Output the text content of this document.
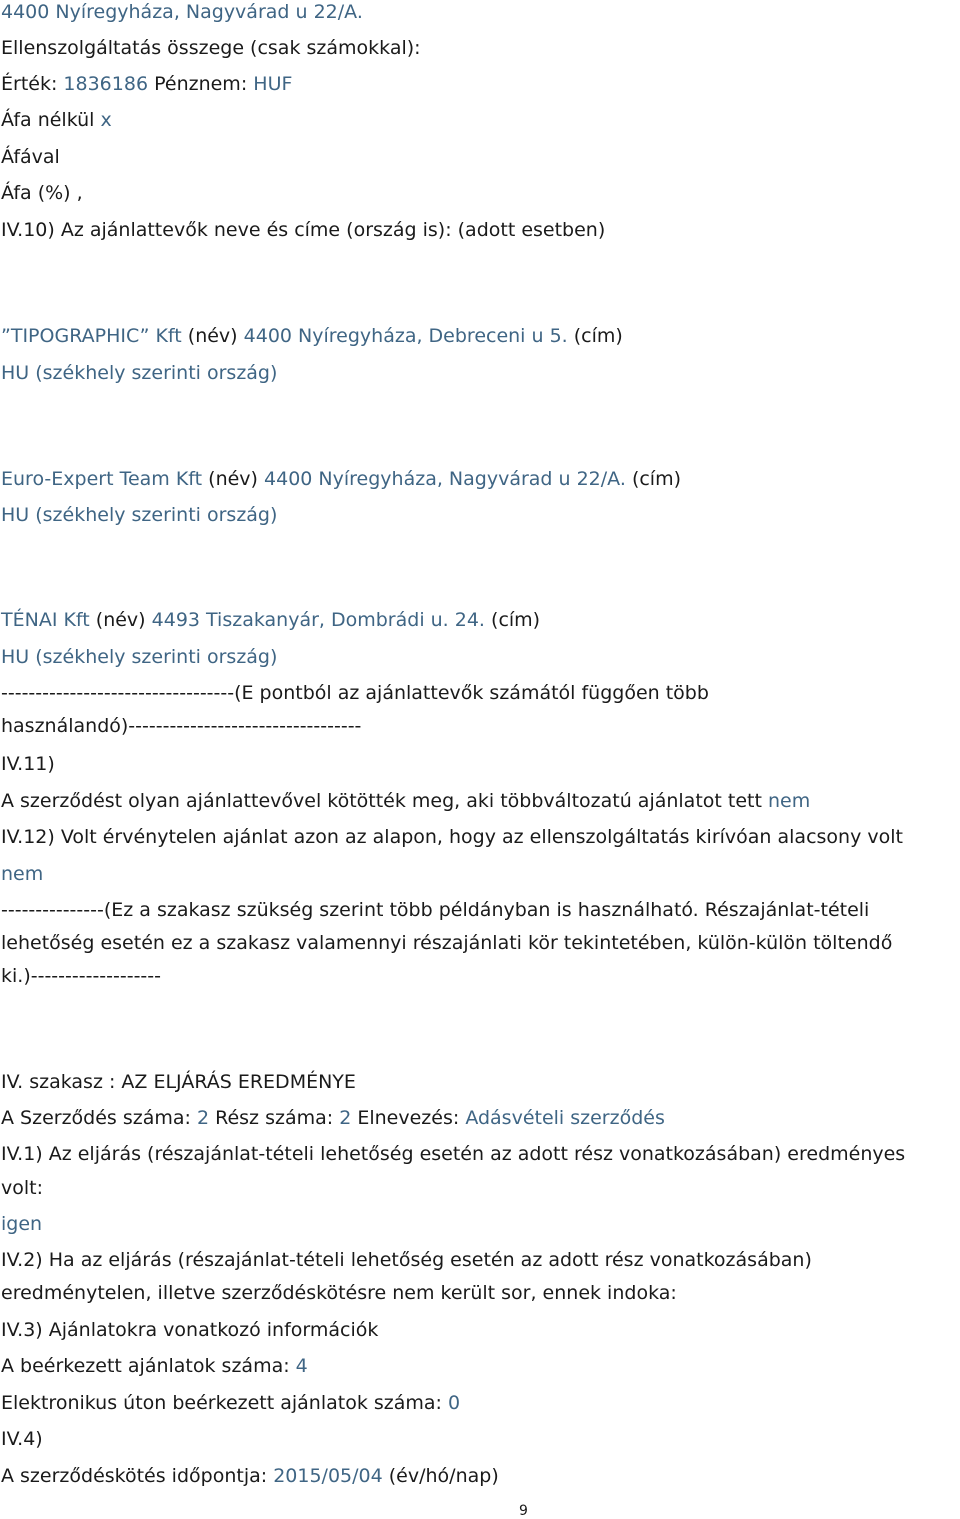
4400 Nyíregyháza, Nagyvárad u 22/A.
Ellenszolgáltatás összege (csak számokkal):
Érték: 1836186 Pénznem: HUF
Áfa nélkül x
Áfával
Áfa (%) ,
IV.10) Az ajánlattevők neve és címe (ország is): (adott esetben)
”TIPOGRAPHIC” Kft (név) 4400 Nyíregyháza, Debreceni u 5. (cím)
HU (székhely szerinti ország)
Euro-Expert Team Kft (név) 4400 Nyíregyháza, Nagyvárad u 22/A. (cím)
HU (székhely szerinti ország)
TÉNAI Kft (név) 4493 Tiszakanyár, Dombrádi u. 24. (cím)
HU (székhely szerinti ország)
----------------------------------(E pontból az ajánlattevők számától függően több
használandó)----------------------------------
IV.11)
A szerződést olyan ajánlattevővel kötötték meg, aki többváltozatú ajánlatot tett nem
IV.12) Volt érvénytelen ajánlat azon az alapon, hogy az ellenszolgáltatás kirívóan alacsony volt
nem
---------------(Ez a szakasz szükség szerint több példányban is használható. Részajánlat-tételi
lehetőség esetén ez a szakasz valamennyi részajánlati kör tekintetében, külön-külön töltendő
ki.)-------------------
IV. szakasz : AZ ELJÁRÁS EREDMÉNYE
A Szerződés száma: 2 Rész száma: 2 Elnevezés: Adásvételi szerződés
IV.1) Az eljárás (részajánlat-tételi lehetőség esetén az adott rész vonatkozásában) eredményes
volt:
igen
IV.2) Ha az eljárás (részajánlat-tételi lehetőség esetén az adott rész vonatkozásában)
eredménytelen, illetve szerződéskötésre nem került sor, ennek indoka:
IV.3) Ajánlatokra vonatkozó információk
A beérkezett ajánlatok száma: 4
Elektronikus úton beérkezett ajánlatok száma: 0
IV.4)
A szerződéskötés időpontja: 2015/05/04 (év/hó/nap)
9
